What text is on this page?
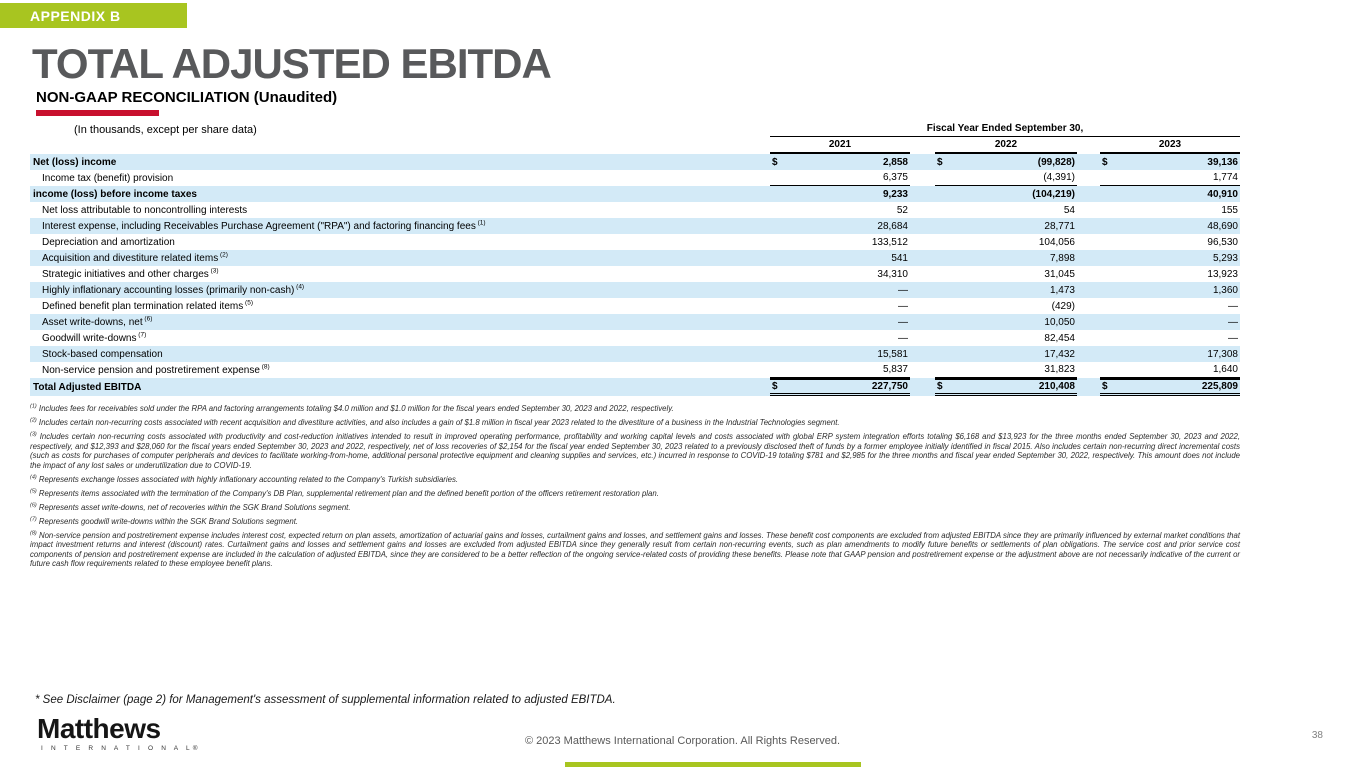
APPENDIX B
TOTAL ADJUSTED EBITDA
NON-GAAP RECONCILIATION (Unaudited)
(In thousands, except per share data)	Fiscal Year Ended September 30,
2021	2022	2023
Net (loss) income	$	2,858	$	(99,828)	$	39,136
Income tax (benefit) provision	6,375	(4,391)	1,774
income (loss) before income taxes	9,233	(104,219)	40,910
Net loss attributable to noncontrolling interests	52	54	155
Interest expense, including Receivables Purchase Agreement ("RPA") and factoring financing fees $^{(1)}$	28,684	28,771	48,690
Depreciation and amortization	133,512	104,056	96,530
Acquisition and divestiture related items $^{(2)}$	541	7,898	5,293
Strategic initiatives and other charges $^{(3)}$	34,310	31,045	13,923
Highly inflationary accounting losses (primarily non-cash) $^{(4)}$	—	1,473	1,360
Defined benefit plan termination related items $^{(5)}$	—	(429)	—
Asset write-downs, net $^{(6)}$	—	10,050	—
Goodwill write-downs $^{(7)}$	—	82,454	—
Stock-based compensation	15,581	17,432	17,308
Non-service pension and postretirement expense $^{(8)}$	5,837	31,823	1,640
Total Adjusted EBITDA	$	227,750	$	210,408	$	225,809
$^{(1)}$ Includes fees for receivables sold under the RPA and factoring arrangements totaling $4.0 million and $1.0 million for the fiscal years ended September 30, 2023 and 2022, respectively.
$^{(2)}$ Includes certain non-recurring costs associated with recent acquisition and divestiture activities, and also includes a gain of $1.8 million in fiscal year 2023 related to the divestiture of a business in the Industrial Technologies segment.
$^{(3)}$ Includes certain non-recurring costs associated with productivity and cost-reduction initiatives intended to result in improved operating performance, profitability and working capital levels and costs associated with global ERP system integration efforts totaling $6,168 and $13,923 for the three months ended September 30, 2023 and 2022, respectively, and $12,393 and $28,060 for the fiscal years ended September 30, 2023 and 2022, respectively, net of loss recoveries of $2,154 for the fiscal year ended September 30, 2023 related to a previously disclosed theft of funds by a former employee initially identified in fiscal 2015. Also includes certain non-recurring direct incremental costs (such as costs for purchases of computer peripherals and devices to facilitate working-from-home, additional personal protective equipment and cleaning supplies and services, etc.) incurred in response to COVID-19 totaling $781 and $2,985 for the three months and fiscal year ended September 30, 2022, respectively. This amount does not include the impact of any lost sales or underutilization due to COVID-19.
$^{(4)}$ Represents exchange losses associated with highly inflationary accounting related to the Company's Turkish subsidiaries.
$^{(5)}$ Represents items associated with the termination of the Company's DB Plan, supplemental retirement plan and the defined benefit portion of the officers retirement restoration plan.
$^{(6)}$ Represents asset write-downs, net of recoveries within the SGK Brand Solutions segment.
$^{(7)}$ Represents goodwill write-downs within the SGK Brand Solutions segment.
$^{(8)}$ Non-service pension and postretirement expense includes interest cost, expected return on plan assets, amortization of actuarial gains and losses, curtailment gains and losses, and settlement gains and losses. These benefit cost components are excluded from adjusted EBITDA since they are primarily influenced by external market conditions that impact investment returns and interest (discount) rates. Curtailment gains and losses and settlement gains and losses are excluded from adjusted EBITDA since they generally result from certain non-recurring events, such as plan amendments to modify future benefits or settlements of plan obligations. The service cost and prior service cost components of pension and postretirement expense are included in the calculation of adjusted EBITDA, since they are considered to be a better reflection of the ongoing service-related costs of providing these benefits. Please note that GAAP pension and postretirement expense or the adjustment above are not necessarily indicative of the current or future cash flow requirements related to these employee benefit plans.
* See Disclaimer (page 2) for Management's assessment of supplemental information related to adjusted EBITDA.
Matthews
I N T E R N A T I O N A L®
© 2023 Matthews International Corporation. All Rights Reserved.	38
